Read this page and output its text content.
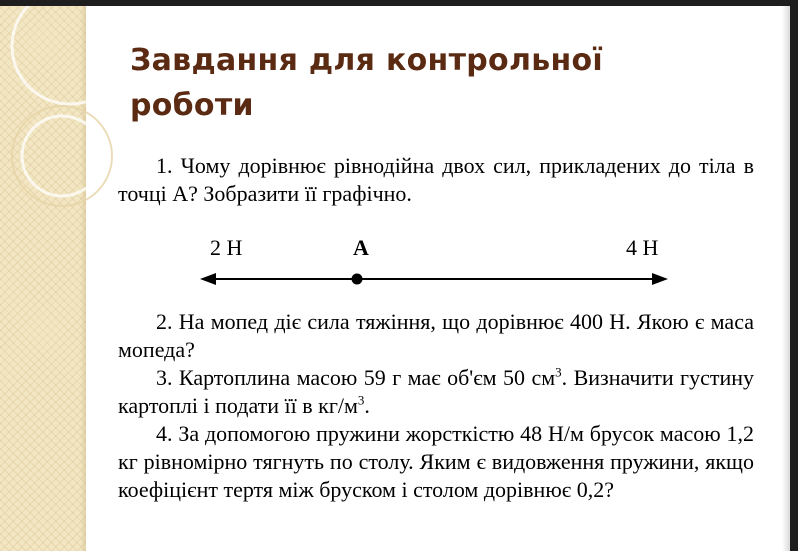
Завдання для контрольної роботи

1. Чому дорівнює рівнодійна двох сил, прикладених до тіла в точці А? Зобразити її графічно.

2 Н	А	4 Н

2. На мопед діє сила тяжіння, що дорівнює 400 Н. Якою є маса мопеда?

3. Картоплина масою 59 г має об'єм 50 $см^3$. Визначити густину картоплі і подати її в $кг/м^3$.

4. За допомогою пружини жорсткістю 48 Н/м брусок масою 1,2 кг рівномірно тягнуть по столу. Яким є видовження пружини, якщо коефіцієнт тертя між бруском і столом дорівнює 0,2?
